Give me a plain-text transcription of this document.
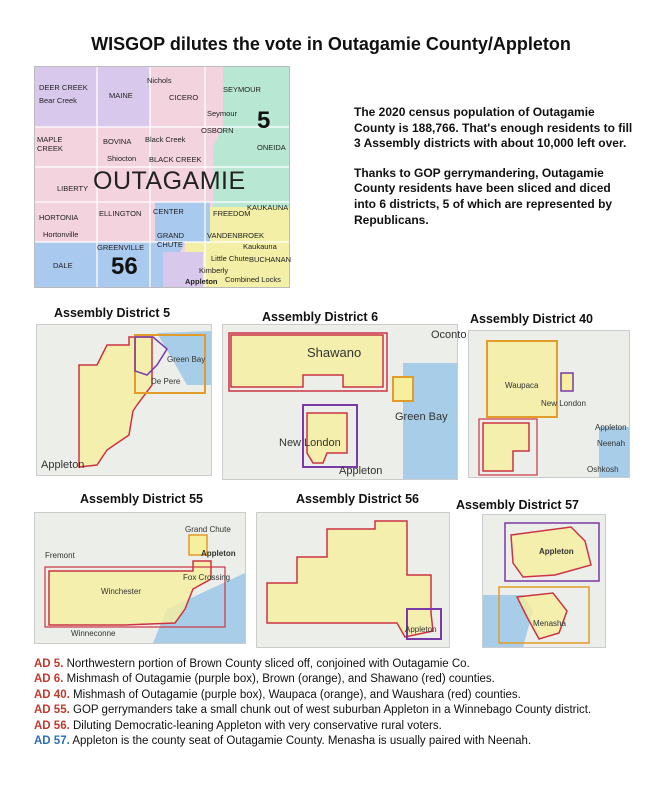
WISGOP dilutes the vote in Outagamie County/Appleton
OUTAGAMIE
5
56
DEER CREEK
Bear Creek
MAINE
Nichols
CICERO
SEYMOUR
Seymour
OSBORN
ONEIDA
MAPLE CREEK
BOVINA Black Creek
Shiocton BLACK CREEK
LIBERTY
HORTONIA	ELLINGTON CENTER	FREEDOM
KAUKAUNA
Hortonville
GREENVILLE
GRAND CHUTE
VANDENBROEK
Kaukauna
DALE
Little Chute BUCHANAN
Kimberly
Appleton Combined Locks

The 2020 census population of Outagamie County is 188,766. That's enough residents to fill 3 Assembly districts with about 10,000 left over.

Thanks to GOP gerrymandering, Outagamie County residents have been sliced and diced into 6 districts, 5 of which are represented by Republicans.

Assembly District 5	Assembly District 6	Assembly District 40
Assembly District 55	Assembly District 56	Assembly District 57
Green Bay
De Pere
Appleton
Shawano
Oconto
Green Bay
New London
Appleton
Waupaca
New London
Appleton
Neenah
Oshkosh
Grand Chute
Appleton
Fox Crossing
Winchester
Fremont
Winneconne	Appleton
Appleton
Menasha
AD 5. Northwestern portion of Brown County sliced off, conjoined with Outagamie Co.
AD 6. Mishmash of Outagamie (purple box), Brown (orange), and Shawano (red) counties.
AD 40. Mishmash of Outagamie (purple box), Waupaca (orange), and Waushara (red) counties.
AD 55. GOP gerrymanders take a small chunk out of west suburban Appleton in a Winnebago County district.
AD 56. Diluting Democratic-leaning Appleton with very conservative rural voters.
AD 57. Appleton is the county seat of Outagamie County. Menasha is usually paired with Neenah.
